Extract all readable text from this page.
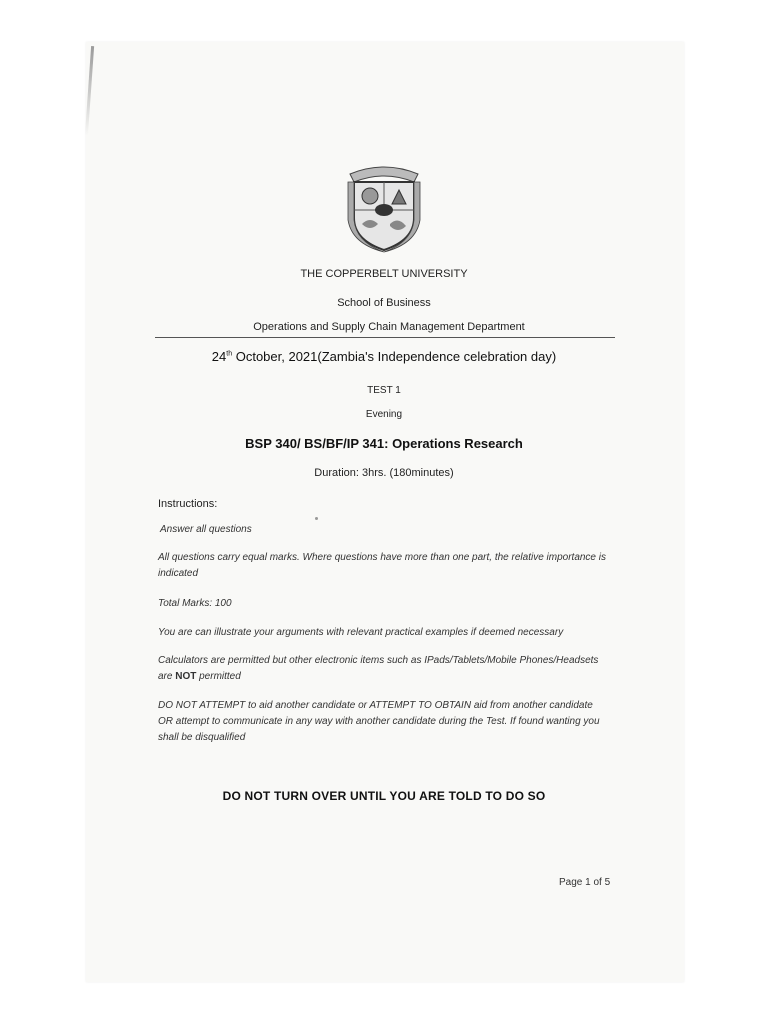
THE COPPERBELT UNIVERSITY
School of Business
Operations and Supply Chain Management Department
24th October, 2021(Zambia's Independence celebration day)
TEST 1
Evening
BSP 340/ BS/BF/IP 341: Operations Research
Duration: 3hrs. (180minutes)
Instructions:
Answer all questions
All questions carry equal marks. Where questions have more than one part, the relative importance is indicated
Total Marks: 100
You are can illustrate your arguments with relevant practical examples if deemed necessary
Calculators are permitted but other electronic items such as IPads/Tablets/Mobile Phones/Headsets are NOT permitted
DO NOT ATTEMPT to aid another candidate or ATTEMPT TO OBTAIN aid from another candidate OR attempt to communicate in any way with another candidate during the Test. If found wanting you shall be disqualified
DO NOT TURN OVER UNTIL YOU ARE TOLD TO DO SO
Page 1 of 5
